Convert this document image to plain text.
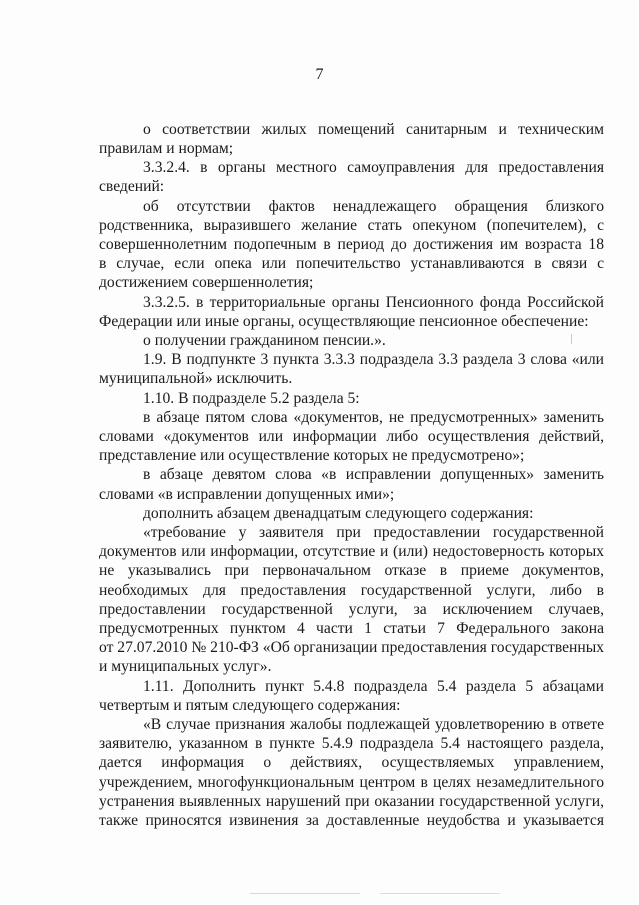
7
о соответствии жилых помещений санитарным и техническим
правилам и нормам;
3.3.2.4. в органы местного самоуправления для предоставления
сведений:
об отсутствии фактов ненадлежащего обращения близкого
родственника, выразившего желание стать опекуном (попечителем), с
совершеннолетним подопечным в период до достижения им возраста 18
в случае, если опека или попечительство устанавливаются в связи с
достижением совершеннолетия;
3.3.2.5. в территориальные органы Пенсионного фонда Российской
Федерации или иные органы, осуществляющие пенсионное обеспечение:
о получении гражданином пенсии.».
1.9. В подпункте 3 пункта 3.3.3 подраздела 3.3 раздела 3 слова «или
муниципальной» исключить.
1.10. В подразделе 5.2 раздела 5:
в абзаце пятом слова «документов, не предусмотренных» заменить
словами «документов или информации либо осуществления действий,
представление или осуществление которых не предусмотрено»;
в абзаце девятом слова «в исправлении допущенных» заменить
словами «в исправлении допущенных ими»;
дополнить абзацем двенадцатым следующего содержания:
«требование у заявителя при предоставлении государственной
документов или информации, отсутствие и (или) недостоверность которых
не указывались при первоначальном отказе в приеме документов,
необходимых для предоставления государственной услуги, либо в
предоставлении государственной услуги, за исключением случаев,
предусмотренных пунктом 4 части 1 статьи 7 Федерального закона
от 27.07.2010 № 210-ФЗ «Об организации предоставления государственных
и муниципальных услуг».
1.11. Дополнить пункт 5.4.8 подраздела 5.4 раздела 5 абзацами
четвертым и пятым следующего содержания:
«В случае признания жалобы подлежащей удовлетворению в ответе
заявителю, указанном в пункте 5.4.9 подраздела 5.4 настоящего раздела,
дается информация о действиях, осуществляемых управлением,
учреждением, многофункциональным центром в целях незамедлительного
устранения выявленных нарушений при оказании государственной услуги,
также приносятся извинения за доставленные неудобства и указывается
